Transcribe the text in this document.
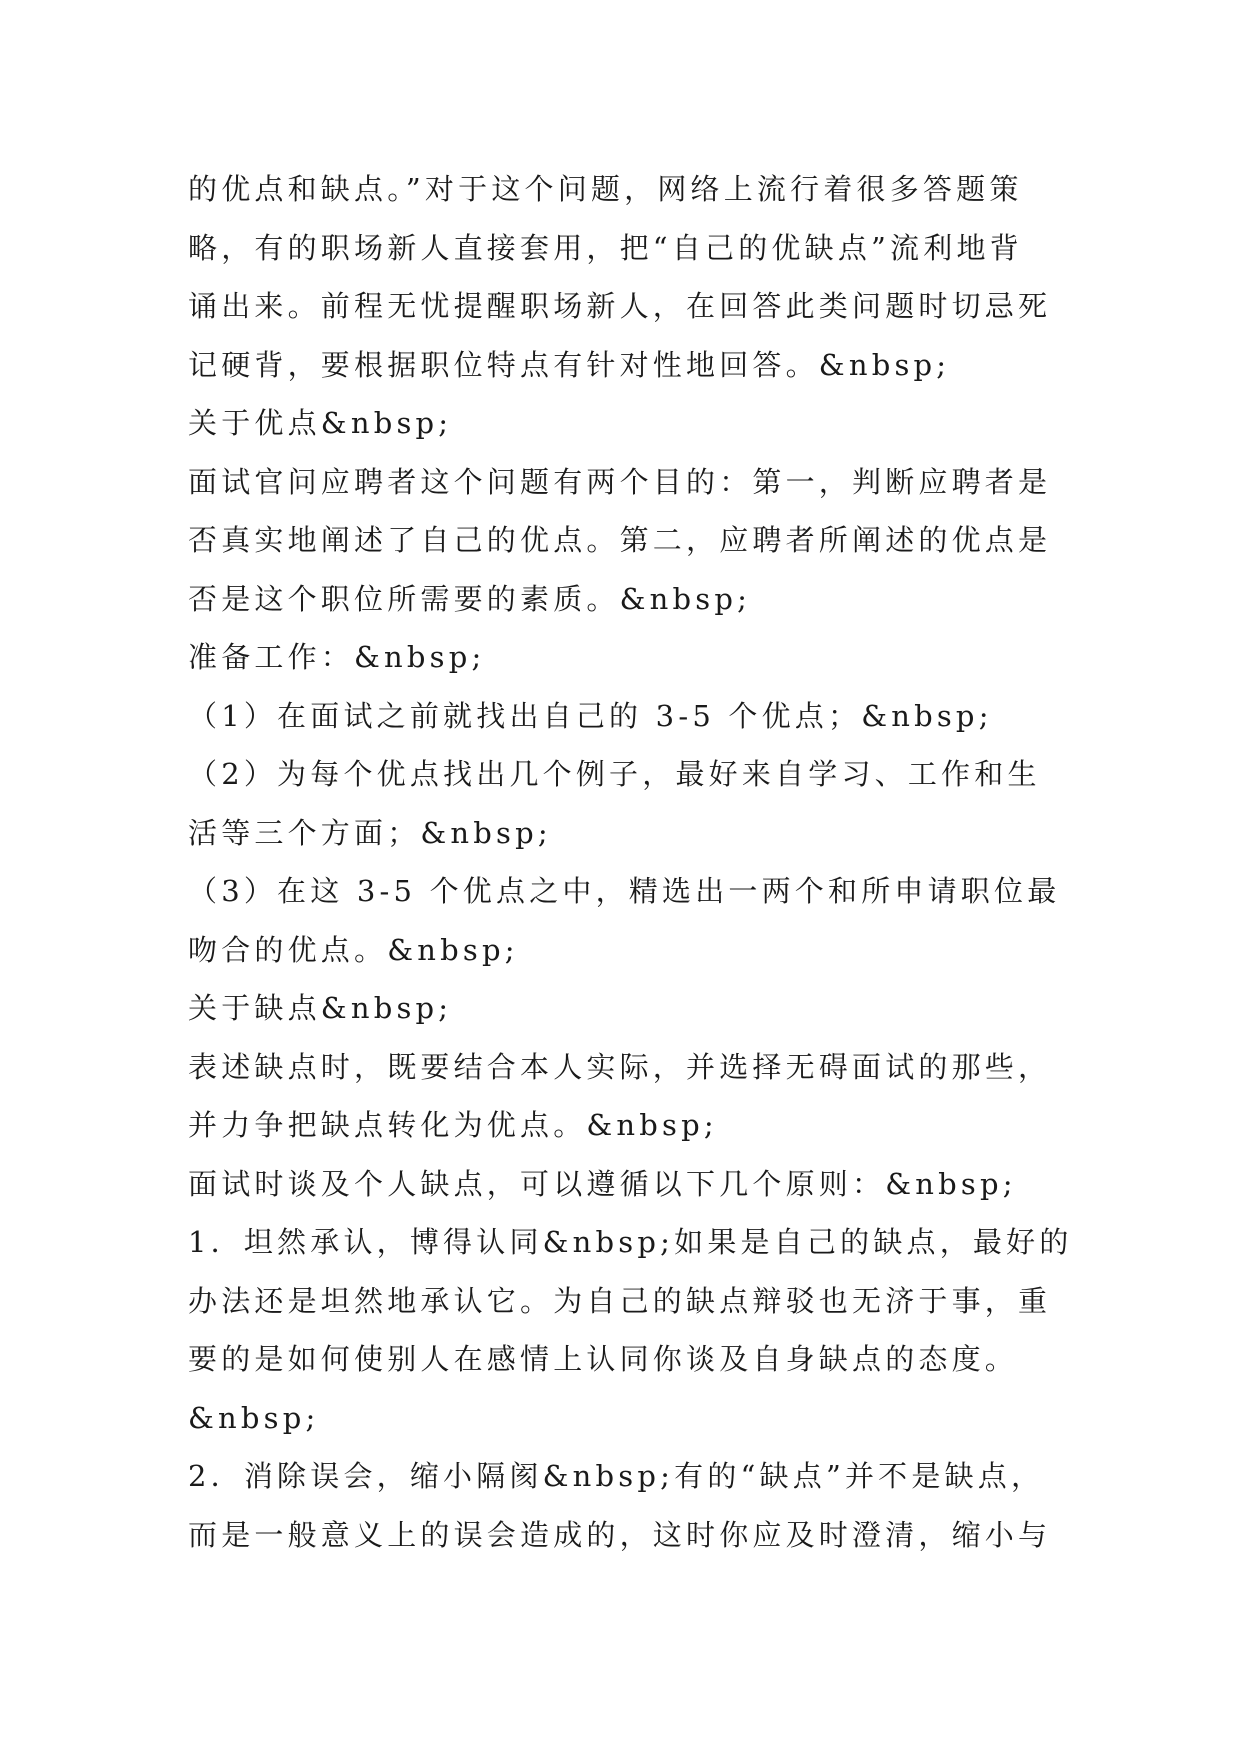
的优点和缺点。”对于这个问题，网络上流行着很多答题策
略，有的职场新人直接套用，把“自己的优缺点”流利地背
诵出来。前程无忧提醒职场新人，在回答此类问题时切忌死
记硬背，要根据职位特点有针对性地回答。&nbsp;
关于优点&nbsp;
面试官问应聘者这个问题有两个目的：第一，判断应聘者是
否真实地阐述了自己的优点。第二，应聘者所阐述的优点是
否是这个职位所需要的素质。&nbsp;
准备工作：&nbsp;
（1）在面试之前就找出自己的 3-5 个优点；&nbsp;
（2）为每个优点找出几个例子，最好来自学习、工作和生
活等三个方面；&nbsp;
（3）在这 3-5 个优点之中，精选出一两个和所申请职位最
吻合的优点。&nbsp;
关于缺点&nbsp;
表述缺点时，既要结合本人实际，并选择无碍面试的那些，
并力争把缺点转化为优点。&nbsp;
面试时谈及个人缺点，可以遵循以下几个原则：&nbsp;
1．坦然承认，博得认同&nbsp;如果是自己的缺点，最好的
办法还是坦然地承认它。为自己的缺点辩驳也无济于事，重
要的是如何使别人在感情上认同你谈及自身缺点的态度。
&nbsp;
2．消除误会，缩小隔阂&nbsp;有的“缺点”并不是缺点，
而是一般意义上的误会造成的，这时你应及时澄清，缩小与
